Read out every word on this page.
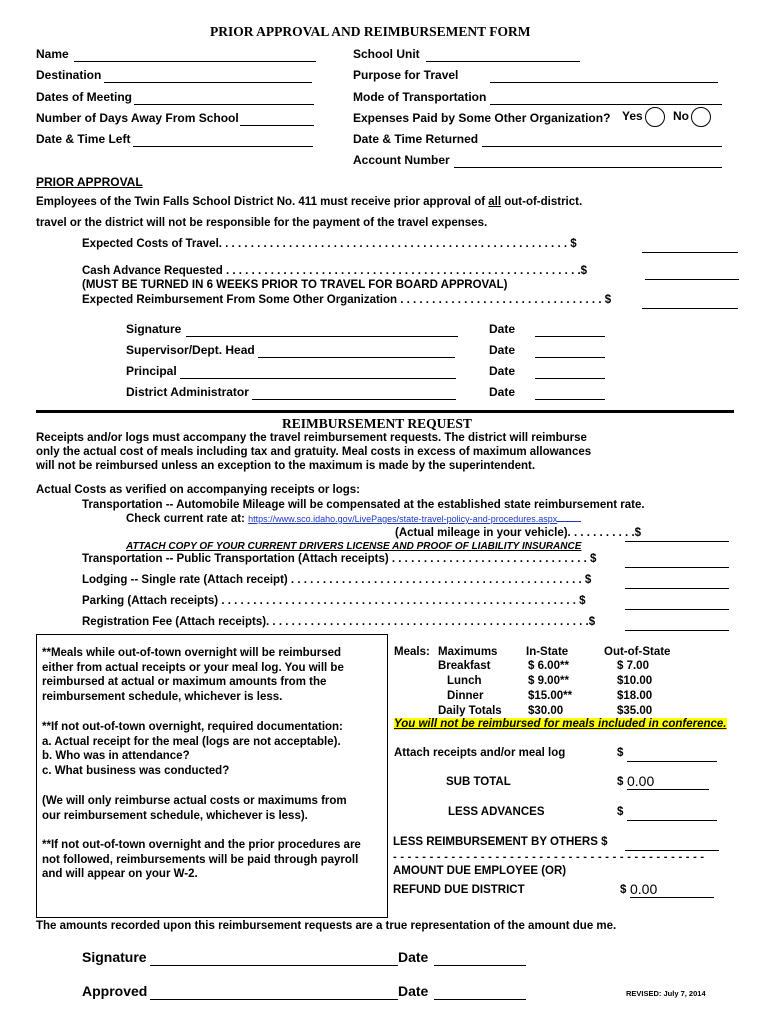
PRIOR APPROVAL AND REIMBURSEMENT FORM
Name
Destination
Dates of Meeting
Number of Days Away From School
Date & Time Left
School Unit
Purpose for Travel
Mode of Transportation
Expenses Paid by Some Other Organization? Yes	No
Date & Time Returned
Account Number
PRIOR APPROVAL
Employees of the Twin Falls School District No. 411 must receive prior approval of all out-of-district.
travel or the district will not be responsible for the payment of the travel expenses.
Expected Costs of Travel. . . . . . . . . . . . . . . . . . . . . . . . . . . . . . . . . . . . . . . . . . . . . . . . . . . . . . . $
Cash Advance Requested . . . . . . . . . . . . . . . . . . . . . . . . . . . . . . . . . . . . . . . . . . . . . . . . . . . . . . . .$
(MUST BE TURNED IN 6 WEEKS PRIOR TO TRAVEL FOR BOARD APPROVAL)
Expected Reimbursement From Some Other Organization . . . . . . . . . . . . . . . . . . . . . . . . . . . . . . . . $
Signature	Date
Supervisor/Dept. Head	Date
Principal	Date
District Administrator	Date
REIMBURSEMENT REQUEST
Receipts and/or logs must accompany the travel reimbursement requests. The district will reimburse
only the actual cost of meals including tax and gratuity. Meal costs in excess of maximum allowances
will not be reimbursed unless an exception to the maximum is made by the superintendent.
Actual Costs as verified on accompanying receipts or logs:
Transportation -- Automobile Mileage will be compensated at the established state reimbursement rate.
Check current rate at: https://www.sco.idaho.gov/LivePages/state-travel-policy-and-procedures.aspx
(Actual mileage in your vehicle). . . . . . . . . . .$
ATTACH COPY OF YOUR CURRENT DRIVERS LICENSE AND PROOF OF LIABILITY INSURANCE
Transportation -- Public Transportation (Attach receipts) . . . . . . . . . . . . . . . . . . . . . . . . . . . . . . . $
Lodging -- Single rate (Attach receipt) . . . . . . . . . . . . . . . . . . . . . . . . . . . . . . . . . . . . . . . . . . . . . . $
Parking (Attach receipts) . . . . . . . . . . . . . . . . . . . . . . . . . . . . . . . . . . . . . . . . . . . . . . . . . . . . . . . . $
Registration Fee (Attach receipts). . . . . . . . . . . . . . . . . . . . . . . . . . . . . . . . . . . . . . . . . . . . . . . . . . .$
**Meals while out-of-town overnight will be reimbursed
either from actual receipts or your meal log. You will be
reimbursed at actual or maximum amounts from the
reimbursement schedule, whichever is less.
**If not out-of-town overnight, required documentation:
a. Actual receipt for the meal (logs are not acceptable).
b. Who was in attendance?
c. What business was conducted?
(We will only reimburse actual costs or maximums from
our reimbursement schedule, whichever is less).
**If not out-of-town overnight and the prior procedures are
not followed, reimbursements will be paid through payroll
and will appear on your W-2.
Meals: Maximums In-State	Out-of-State
Breakfast	$ 6.00**	$ 7.00
Lunch	$ 9.00**	$10.00
Dinner	$15.00**	$18.00
Daily Totals $30.00	$35.00
You will not be reimbursed for meals included in conference.
Attach receipts and/or meal log	$
SUB TOTAL	$ 0.00
LESS ADVANCES	$
LESS REIMBURSEMENT BY OTHERS $
- - - - - - - - - - - - - - - - - - - - - - - - - - - - - - - - - - - - - - - - - - -
AMOUNT DUE EMPLOYEE (OR)
REFUND DUE DISTRICT	$ 0.00
The amounts recorded upon this reimbursement requests are a true representation of the amount due me.
Signature	Date
Approved	Date	REVISED: July 7, 2014
